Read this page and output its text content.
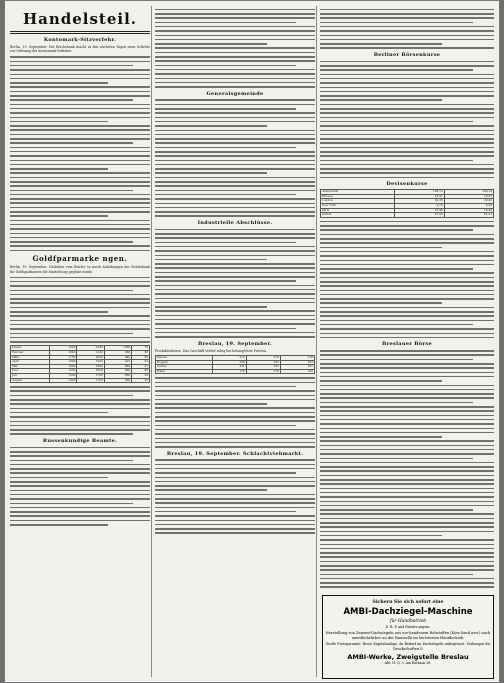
Handelsteil.
Kontomark-Sitzverfehr.
Berlin, 19. September. Die Reichsbank macht in den nächsten Tagen neue Schritte zur Ordnung des Kontomark-Verkehrs.
Goldfparmarke ngen.
Berlin, 19. September. Nachdem vom Reichs- ta meeh Anhebungen der Reichsbank für Goldsparkonten die Einrichtung geplant wurde.
Januar	1920	2340	1000	70
Februar	1800	2100	980	68
März	1750	2050	940	66
April	1690	1990	910	64
Mai	1600	1900	880	61
Juni	1550	1820	860	60
Juli	1500	1760	830	58
August	1450	1700	800	56
Russenkundige Beamte.
Generalsgemeinde
Industrielle Abschlüsse.
Breslau, 19. September.
Produktenbörse. Das Geschäft verlief ruhig bei behaupteten Preisen.
Weizen	214	216	218
Roggen	190	192	193
Gerste	201	203	205
Hafer	176	178	180
Breslau, 19. September. Schlachtviehmarkt.
Berliner Börsenkurse
Devisenkurse
Amsterdam	168,72	169,14
Brüssel	18,91	18,95
London	20,38	20,43
New York	4,19	4,20
Paris	16,44	16,48
Zürich	81,03	81,23
Breslauer Börse
Sichern Sie sich sofort eine
AMBI-Dachziegel-Maschine
für Handbetrieb
D. R. P. und Patente angem.
Herstellung von Zement-Dachziegeln aus vor-handenem Rohstoffen (Kies-Sand usw.) nach unentbehrlicher an der Baustelle im leichtesten Handbetrieb.
Große Preisgarantie. Beste Kapitalanlage, da Bedarf an Dachziegeln unbegrenzt. Verlangen Sie Druckschriften D
AMBI-Werke, Zweigstelle Breslau
Abt. H. Q. 3. Am Rathaus 38.
